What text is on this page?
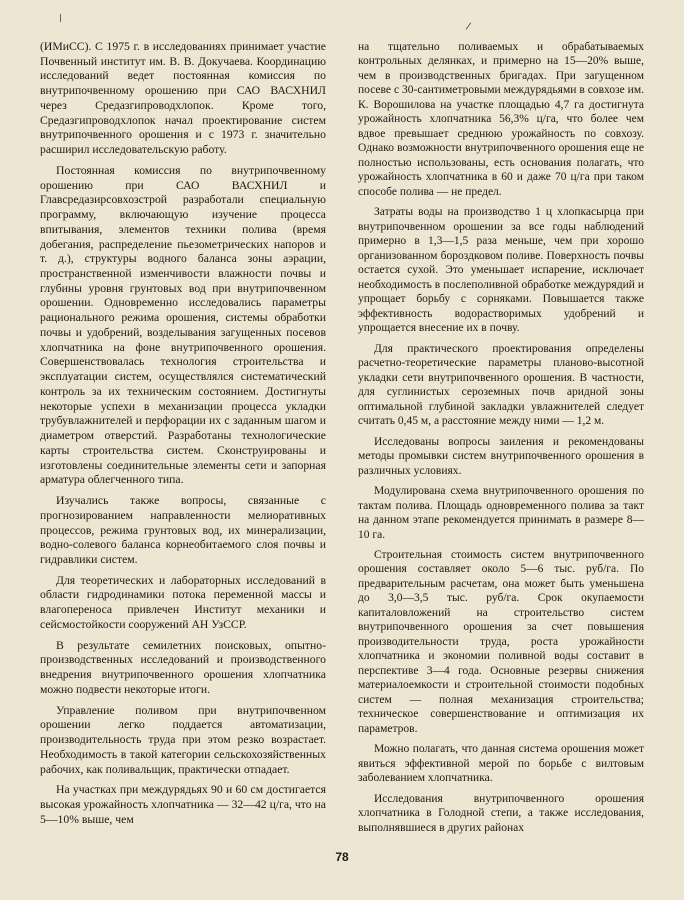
(ИМиСС). С 1975 г. в исследованиях принимает участие Почвенный институт им. В. В. Докучаева. Координацию исследований ведет постоянная комиссия по внутрипочвенному орошению при САО ВАСХНИЛ через Средазгипроводхлопок. Кроме того, Средазгипроводхлопок начал проектирование систем внутрипочвенного орошения и с 1973 г. значительно расширил исследовательскую работу.

Постоянная комиссия по внутрипочвенному орошению при САО ВАСХНИЛ и Главсредазирсовхозстрой разработали специальную программу, включающую изучение процесса впитывания, элементов техники полива (время добегания, распределение пьезометрических напоров и т. д.), структуры водного баланса зоны аэрации, пространственной изменчивости влажности почвы и глубины уровня грунтовых вод при внутрипочвенном орошении. Одновременно исследовались параметры рационального режима орошения, системы обработки почвы и удобрений, возделывания загущенных посевов хлопчатника на фоне внутрипочвенного орошения. Совершенствовалась технология строительства и эксплуатации систем, осуществлялся систематический контроль за их техническим состоянием. Достигнуты некоторые успехи в механизации процесса укладки трубувлажнителей и перфорации их с заданным шагом и диаметром отверстий. Разработаны технологические карты строительства систем. Сконструированы и изготовлены соединительные элементы сети и запорная арматура облегченного типа.

Изучались также вопросы, связанные с прогнозированием направленности мелиоративных процессов, режима грунтовых вод, их минерализации, водно-солевого баланса корнеобитаемого слоя почвы и гидравлики систем.

Для теоретических и лабораторных исследований в области гидродинамики потока переменной массы и влагопереноса привлечен Институт механики и сейсмостойкости сооружений АН УзССР.

В результате семилетних поисковых, опытно-производственных исследований и производственного внедрения внутрипочвенного орошения хлопчатника можно подвести некоторые итоги.

Управление поливом при внутрипочвенном орошении легко поддается автоматизации, производительность труда при этом резко возрастает. Необходимость в такой категории сельскохозяйственных рабочих, как поливальщик, практически отпадает.

На участках при междурядьях 90 и 60 см достигается высокая урожайность хлопчатника — 32—42 ц/га, что на 5—10% выше, чем

на тщательно поливаемых и обрабатываемых контрольных делянках, и примерно на 15—20% выше, чем в производственных бригадах. При загущенном посеве с 30-сантиметровыми междурядьями в совхозе им. К. Ворошилова на участке площадью 4,7 га достигнута урожайность хлопчатника 56,3% ц/га, что более чем вдвое превышает среднюю урожайность по совхозу. Однако возможности внутрипочвенного орошения еще не полностью использованы, есть основания полагать, что урожайность хлопчатника в 60 и даже 70 ц/га при таком способе полива — не предел.

Затраты воды на производство 1 ц хлопкасырца при внутрипочвенном орошении за все годы наблюдений примерно в 1,3—1,5 раза меньше, чем при хорошо организованном бороздковом поливе. Поверхность почвы остается сухой. Это уменьшает испарение, исключает необходимость в послеполивной обработке междурядий и упрощает борьбу с сорняками. Повышается также эффективность водорастворимых удобрений и упрощается внесение их в почву.

Для практического проектирования определены расчетно-теоретические параметры планово-высотной укладки сети внутрипочвенного орошения. В частности, для суглинистых сероземных почв аридной зоны оптимальной глубиной закладки увлажнителей следует считать 0,45 м, а расстояние между ними — 1,2 м.

Исследованы вопросы заиления и рекомендованы методы промывки систем внутрипочвенного орошения в различных условиях.

Модулирована схема внутрипочвенного орошения по тактам полива. Площадь одновременного полива за такт на данном этапе рекомендуется принимать в размере 8—10 га.

Строительная стоимость систем внутрипочвенного орошения составляет около 5—6 тыс. руб/га. По предварительным расчетам, она может быть уменьшена до 3,0—3,5 тыс. руб/га. Срок окупаемости капиталовложений на строительство систем внутрипочвенного орошения за счет повышения производительности труда, роста урожайности хлопчатника и экономии поливной воды составит в перспективе 3—4 года. Основные резервы снижения материалоемкости и строительной стоимости подобных систем — полная механизация строительства; техническое совершенствование и оптимизация их параметров.

Можно полагать, что данная система орошения может явиться эффективной мерой по борьбе с вилтовым заболеванием хлопчатника.

Исследования внутрипочвенного орошения хлопчатника в Голодной степи, а также исследования, выполнявшиеся в других районах

78
